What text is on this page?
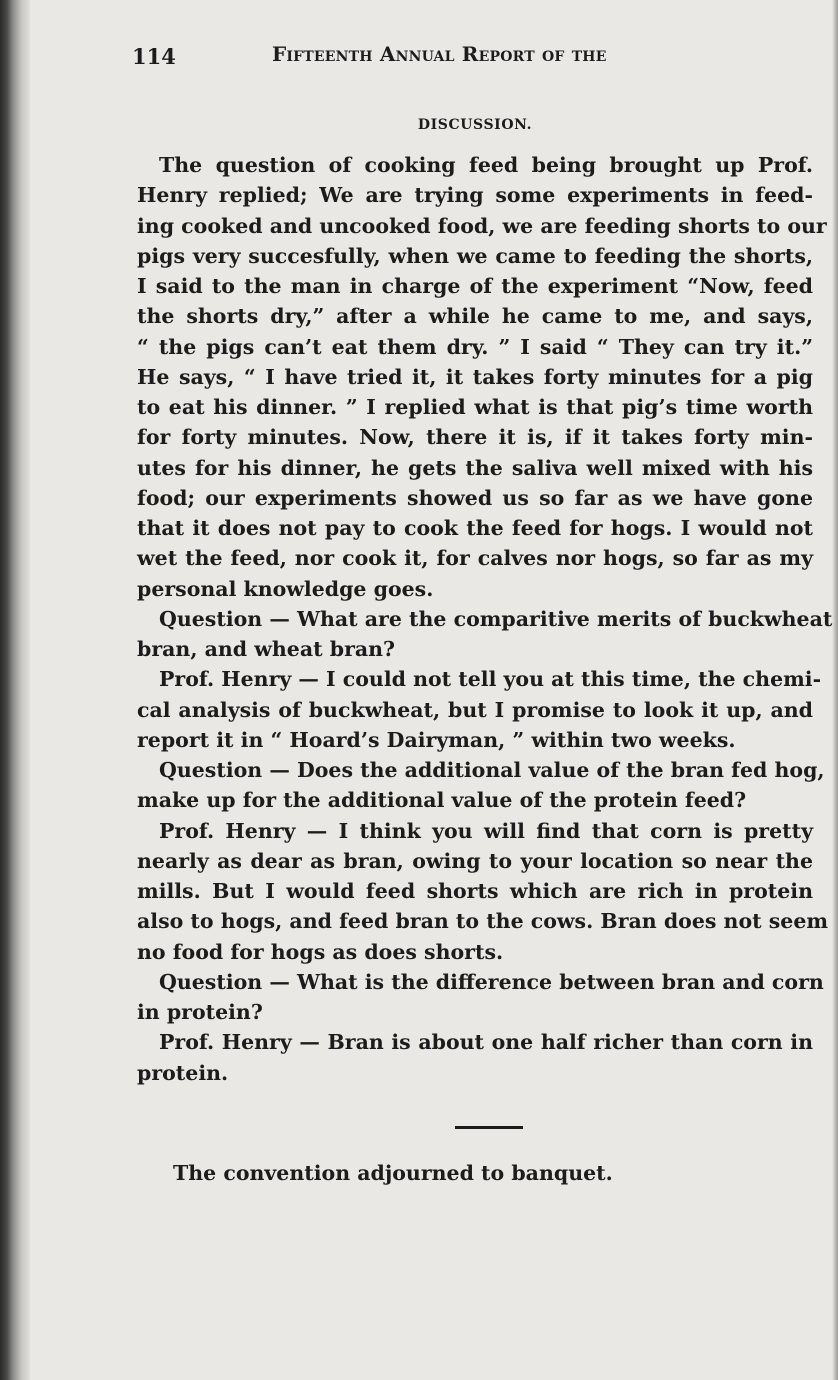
114	Fifteenth Annual Report of the
DISCUSSION.
The question of cooking feed being brought up Prof.
Henry replied; We are trying some experiments in feed-
ing cooked and uncooked food, we are feeding shorts to our
pigs very succesfully, when we came to feeding the shorts,
I said to the man in charge of the experiment “Now, feed
the shorts dry,” after a while he came to me, and says,
“ the pigs can’t eat them dry. ” I said “ They can try it.”
He says, “ I have tried it, it takes forty minutes for a pig
to eat his dinner. ” I replied what is that pig’s time worth
for forty minutes. Now, there it is, if it takes forty min-
utes for his dinner, he gets the saliva well mixed with his
food; our experiments showed us so far as we have gone
that it does not pay to cook the feed for hogs. I would not
wet the feed, nor cook it, for calves nor hogs, so far as my
personal knowledge goes.
Question — What are the comparitive merits of buckwheat
bran, and wheat bran?
Prof. Henry — I could not tell you at this time, the chemi-
cal analysis of buckwheat, but I promise to look it up, and
report it in “ Hoard’s Dairyman, ” within two weeks.
Question — Does the additional value of the bran fed hog,
make up for the additional value of the protein feed?
Prof. Henry — I think you will find that corn is pretty
nearly as dear as bran, owing to your location so near the
mills. But I would feed shorts which are rich in protein
also to hogs, and feed bran to the cows. Bran does not seem
no food for hogs as does shorts.
Question — What is the difference between bran and corn
in protein?
Prof. Henry — Bran is about one half richer than corn in
protein.
The convention adjourned to banquet.
